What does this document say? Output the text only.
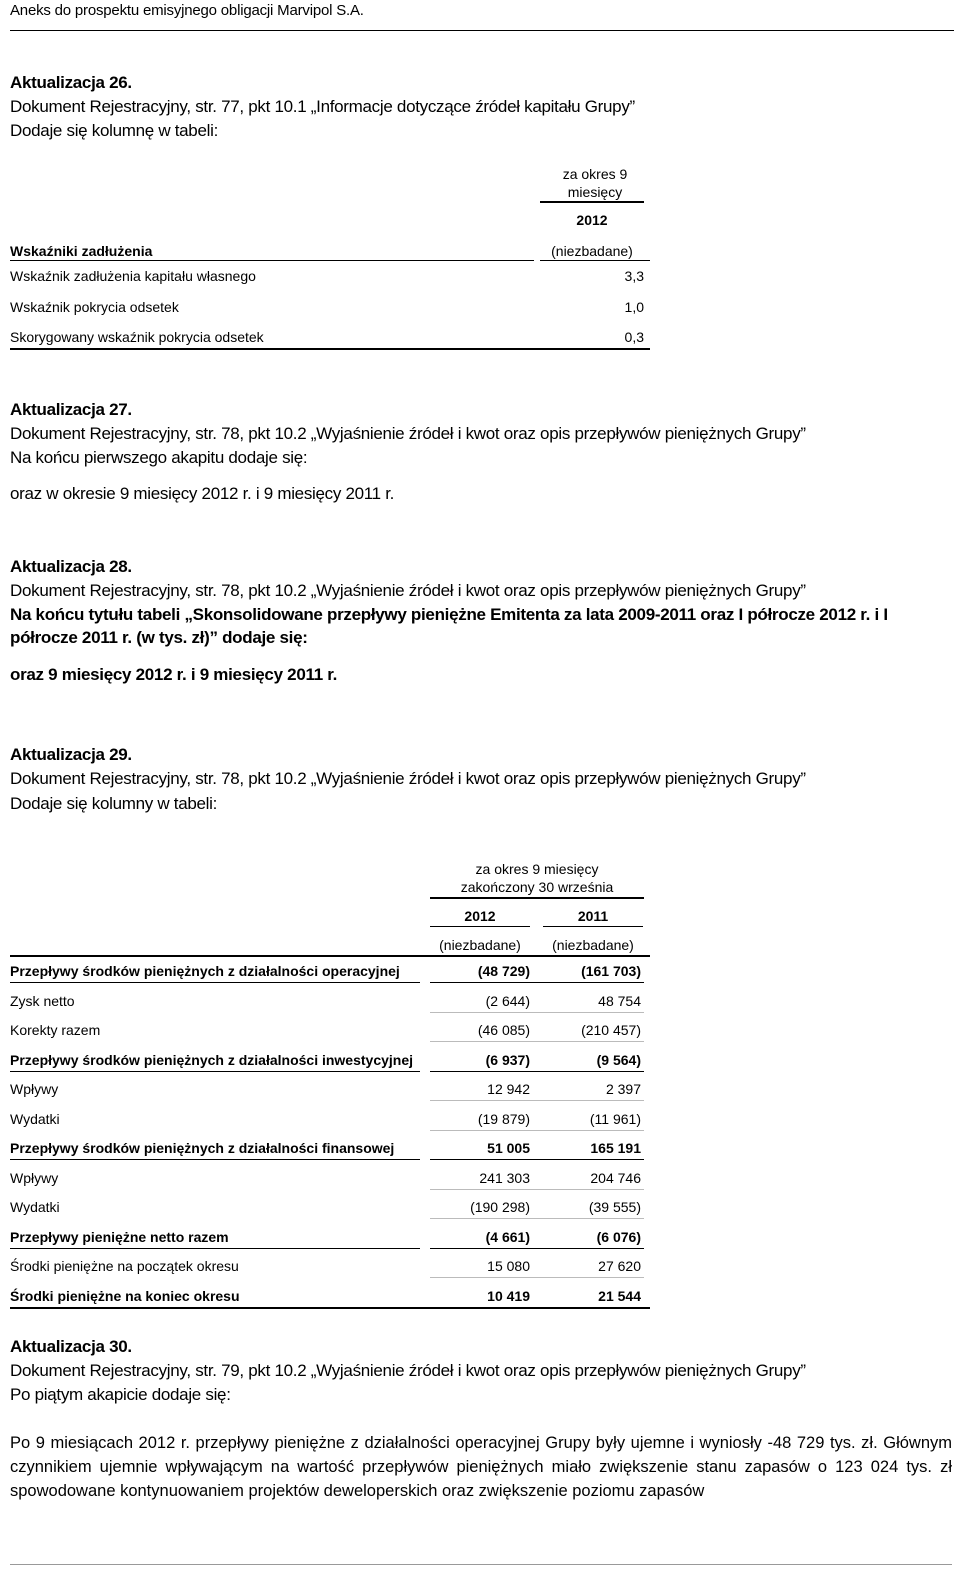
Aneks do prospektu emisyjnego obligacji Marvipol S.A.
Aktualizacja 26.
Dokument Rejestracyjny, str. 77, pkt 10.1 „Informacje dotyczące źródeł kapitału Grupy”
Dodaje się kolumnę w tabeli:
za okres 9
miesięcy
2012
Wskaźniki zadłużenia	(niezbadane)
Wskaźnik zadłużenia kapitału własnego	3,3
Wskaźnik pokrycia odsetek	1,0
Skorygowany wskaźnik pokrycia odsetek	0,3
Aktualizacja 27.
Dokument Rejestracyjny, str. 78, pkt 10.2 „Wyjaśnienie źródeł i kwot oraz opis przepływów pieniężnych Grupy”
Na końcu pierwszego akapitu dodaje się:
oraz w okresie 9 miesięcy 2012 r. i 9 miesięcy 2011 r.
Aktualizacja 28.
Dokument Rejestracyjny, str. 78, pkt 10.2 „Wyjaśnienie źródeł i kwot oraz opis przepływów pieniężnych Grupy”
Na końcu tytułu tabeli „Skonsolidowane przepływy pieniężne Emitenta za lata 2009-2011 oraz I półrocze 2012 r. i I
półrocze 2011 r. (w tys. zł)” dodaje się:
oraz 9 miesięcy 2012 r. i 9 miesięcy 2011 r.
Aktualizacja 29.
Dokument Rejestracyjny, str. 78, pkt 10.2 „Wyjaśnienie źródeł i kwot oraz opis przepływów pieniężnych Grupy”
Dodaje się kolumny w tabeli:
za okres 9 miesięcy
zakończony 30 września
2012	2011
(niezbadane)	(niezbadane)
Przepływy środków pieniężnych z działalności operacyjnej	(48 729)	(161 703)
Zysk netto	(2 644)	48 754
Korekty razem	(46 085)	(210 457)
Przepływy środków pieniężnych z działalności inwestycyjnej	(6 937)	(9 564)
Wpływy	12 942	2 397
Wydatki	(19 879)	(11 961)
Przepływy środków pieniężnych z działalności finansowej	51 005	165 191
Wpływy	241 303	204 746
Wydatki	(190 298)	(39 555)
Przepływy pieniężne netto razem	(4 661)	(6 076)
Środki pieniężne na początek okresu	15 080	27 620
Środki pieniężne na koniec okresu	10 419	21 544
Aktualizacja 30.
Dokument Rejestracyjny, str. 79, pkt 10.2 „Wyjaśnienie źródeł i kwot oraz opis przepływów pieniężnych Grupy”
Po piątym akapicie dodaje się:
Po 9 miesiącach 2012 r. przepływy pieniężne z działalności operacyjnej Grupy były ujemne i wyniosły -48 729 tys. zł. Głównym czynnikiem ujemnie wpływającym na wartość przepływów pieniężnych miało zwiększenie stanu zapasów o 123 024 tys. zł spowodowane kontynuowaniem projektów deweloperskich oraz zwiększenie poziomu zapasów
